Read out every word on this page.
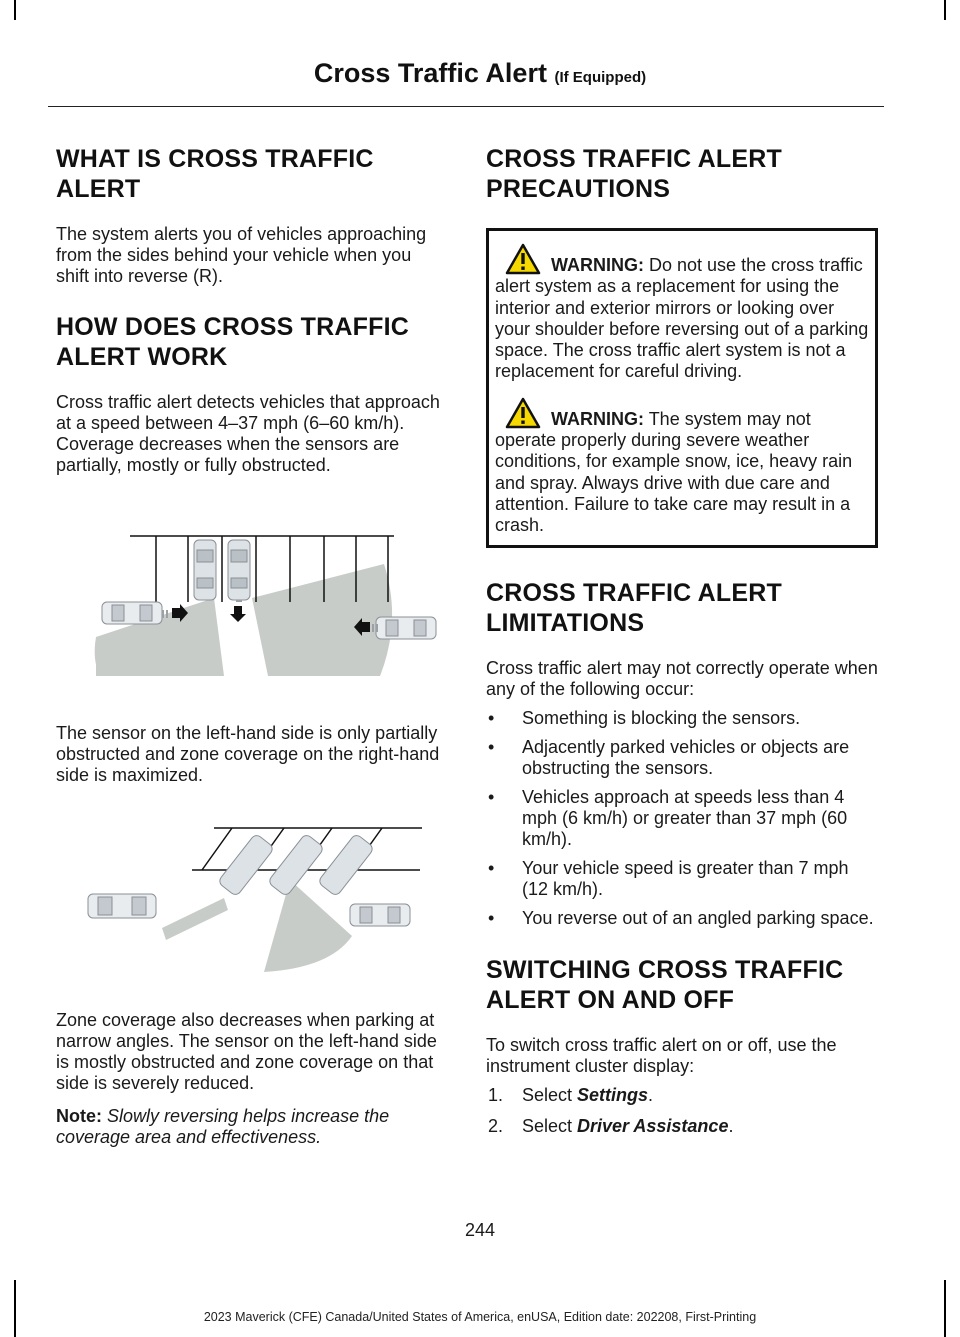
Cross Traffic Alert (If Equipped)
WHAT IS CROSS TRAFFIC
ALERT

The system alerts you of vehicles approaching from the sides behind your vehicle when you shift into reverse (R).

HOW DOES CROSS TRAFFIC
ALERT WORK

Cross traffic alert detects vehicles that approach at a speed between 4–37 mph (6–60 km/h). Coverage decreases when the sensors are partially, mostly or fully obstructed.

The sensor on the left-hand side is only partially obstructed and zone coverage on the right-hand side is maximized.

Zone coverage also decreases when parking at narrow angles. The sensor on the left-hand side is mostly obstructed and zone coverage on that side is severely reduced.

Note: Slowly reversing helps increase the coverage area and effectiveness.

CROSS TRAFFIC ALERT
PRECAUTIONS

WARNING: Do not use the cross traffic alert system as a replacement for using the interior and exterior mirrors or looking over your shoulder before reversing out of a parking space. The cross traffic alert system is not a replacement for careful driving.

WARNING: The system may not operate properly during severe weather conditions, for example snow, ice, heavy rain and spray. Always drive with due care and attention. Failure to take care may result in a crash.

CROSS TRAFFIC ALERT
LIMITATIONS

Cross traffic alert may not correctly operate when any of the following occur:

• Something is blocking the sensors.
• Adjacently parked vehicles or objects are obstructing the sensors.
• Vehicles approach at speeds less than 4 mph (6 km/h) or greater than 37 mph (60 km/h).
• Your vehicle speed is greater than 7 mph (12 km/h).
• You reverse out of an angled parking space.
SWITCHING CROSS TRAFFIC
ALERT ON AND OFF

To switch cross traffic alert on or off, use the instrument cluster display:

1. Select Settings.
2. Select Driver Assistance.
244
2023 Maverick (CFE) Canada/United States of America, enUSA, Edition date: 202208, First-Printing
